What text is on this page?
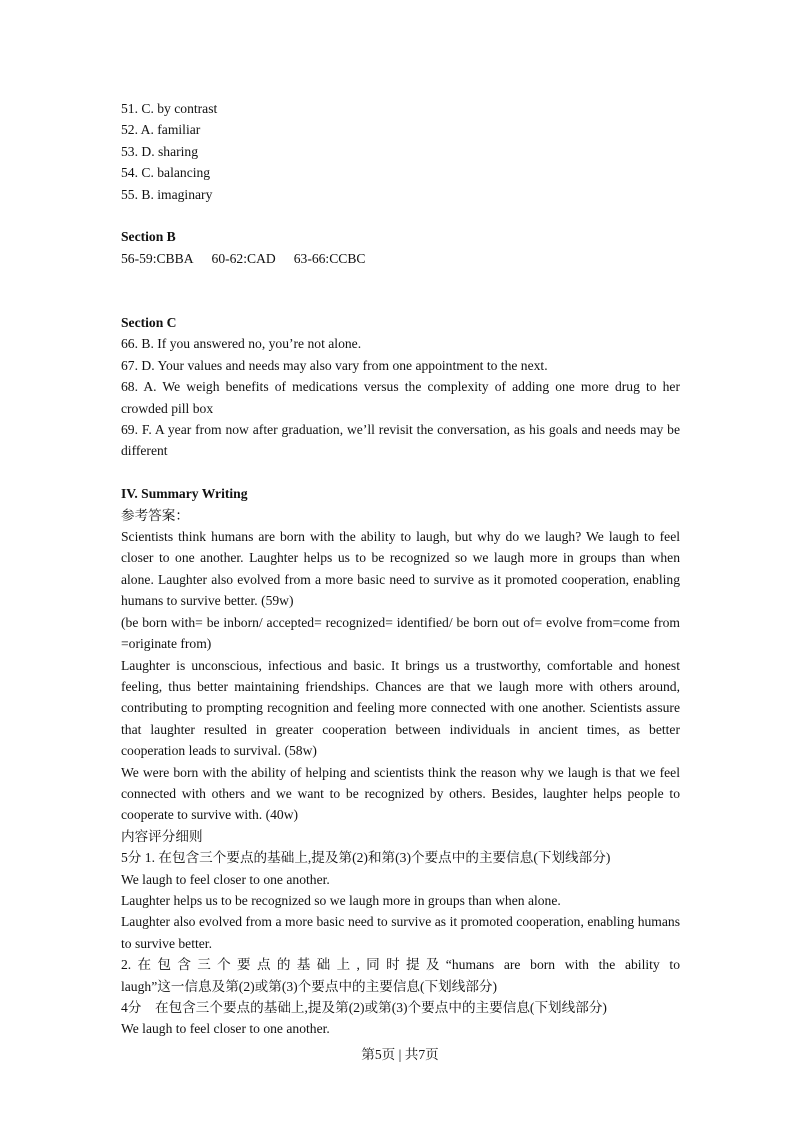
51. C. by contrast
52. A. familiar
53. D. sharing
54. C. balancing
55. B. imaginary
Section B
56-59:CBBA 60-62:CAD 63-66:CCBC
Section C
66. B. If you answered no, you’re not alone.
67. D. Your values and needs may also vary from one appointment to the next.
68. A. We weigh benefits of medications versus the complexity of adding one more drug to her crowded pill box
69. F. A year from now after graduation, we’ll revisit the conversation, as his goals and needs may be different
IV. Summary Writing
参考答案：
Scientists think humans are born with the ability to laugh, but why do we laugh? We laugh to feel closer to one another. Laughter helps us to be recognized so we laugh more in groups than when alone. Laughter also evolved from a more basic need to survive as it promoted cooperation, enabling humans to survive better. (59w)
(be born with= be inborn/ accepted= recognized= identified/ be born out of= evolve from=come from =originate from)
Laughter is unconscious, infectious and basic. It brings us a trustworthy, comfortable and honest feeling, thus better maintaining friendships. Chances are that we laugh more with others around, contributing to prompting recognition and feeling more connected with one another. Scientists assure that laughter resulted in greater cooperation between individuals in ancient times, as better cooperation leads to survival. (58w)
We were born with the ability of helping and scientists think the reason why we laugh is that we feel connected with others and we want to be recognized by others. Besides, laughter helps people to cooperate to survive with. (40w)
内容评分细则
5分 1. 在包含三个要点的基础上,提及第(2)和第(3)个要点中的主要信息(下划线部分)
We laugh to feel closer to one another.
Laughter helps us to be recognized so we laugh more in groups than when alone.
Laughter also evolved from a more basic need to survive as it promoted cooperation, enabling humans to survive better.
2.在包含三个要点的基础上,同时提及“humans are born with the ability to
laugh”这一信息及第(2)或第(3)个要点中的主要信息(下划线部分)
4分　在包含三个要点的基础上,提及第(2)或第(3)个要点中的主要信息(下划线部分)
We laugh to feel closer to one another.
第5页 | 共7页
